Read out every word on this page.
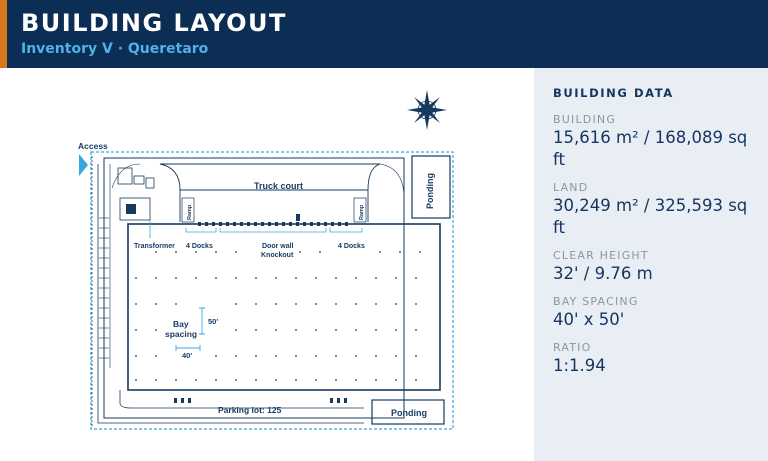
BUILDING LAYOUT
Inventory V · Queretaro
Access
Truck court
Ramp	Ramp
Ponding
Transformer 4 Docks	Door wall
Knockout
4 Docks
50'
40'
Bay
spacing
Parking lot: 125	Ponding
BUILDING DATA
BUILDING
15,616 m² / 168,089 sq ft
LAND
30,249 m² / 325,593 sq ft
CLEAR HEIGHT
32' / 9.76 m
BAY SPACING
40' x 50'
RATIO
1:1.94
